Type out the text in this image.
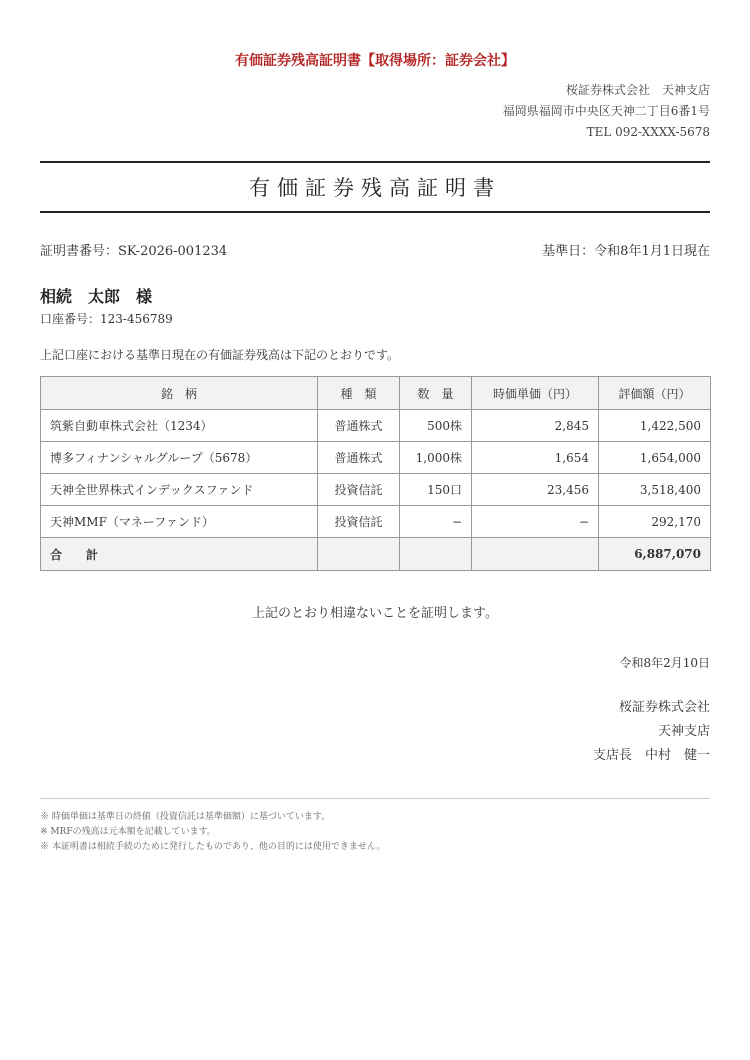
有価証券残高証明書【取得場所：証券会社】
桜証券株式会社　天神支店
福岡県福岡市中央区天神二丁目6番1号
TEL 092-XXXX-5678
有価証券残高証明書
証明書番号：SK-2026-001234	基準日：令和8年1月1日現在
相続　太郎　様
口座番号：123-456789
上記口座における基準日現在の有価証券残高は下記のとおりです。
銘　柄	種　類	数　量	時価単価（円）	評価額（円）
筑紫自動車株式会社（1234）	普通株式	500株	2,845	1,422,500
博多フィナンシャルグループ（5678）	普通株式	1,000株	1,654	1,654,000
天神全世界株式インデックスファンド	投資信託	150口	23,456	3,518,400
天神MMF（マネーファンド）	投資信託	−	−	292,170
合　　計				6,887,070
上記のとおり相違ないことを証明します。
令和8年2月10日
桜証券株式会社
天神支店
支店長　中村　健一
※ 時価単価は基準日の終値（投資信託は基準価額）に基づいています。
※ MRFの残高は元本額を記載しています。
※ 本証明書は相続手続のために発行したものであり、他の目的には使用できません。
